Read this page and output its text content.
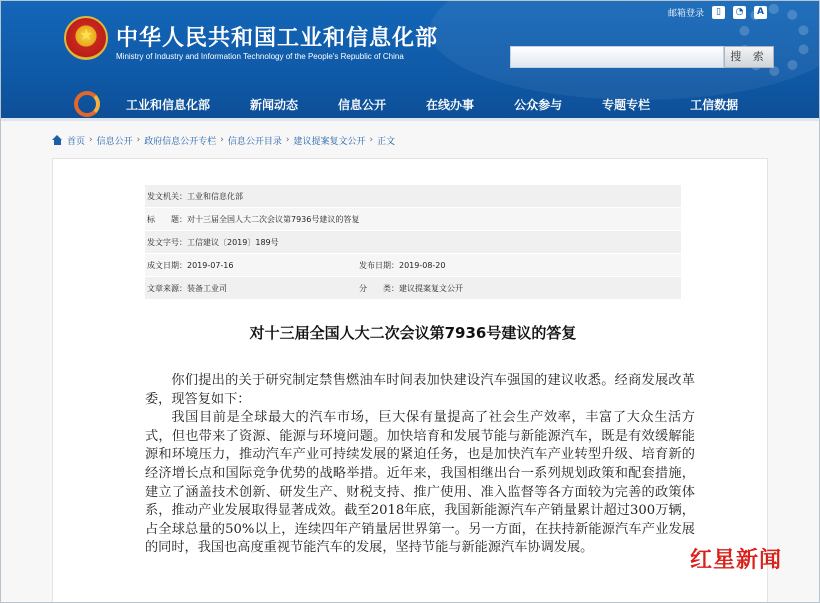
★ 中华人民共和国工业和信息化部
Ministry of Industry and Information Technology of the People's Republic of China
邮箱登录	▯	◔	A
搜 索
工业和信息化部	新闻动态	信息公开	在线办事	公众参与	专题专栏	工信数据
首页 › 信息公开 › 政府信息公开专栏 › 信息公开目录 › 建议提案复文公开 › 正文
发文机关：工业和信息化部
标　　题：对十三届全国人大二次会议第7936号建议的答复
发文字号：工信建议〔2019〕189号
成文日期：2019-07-16	发布日期：2019-08-20
文章来源：装备工业司	分　　类：建议提案复文公开
对十三届全国人大二次会议第7936号建议的答复

你们提出的关于研究制定禁售燃油车时间表加快建设汽车强国的建议收悉。经商发展改革委，现答复如下：

我国目前是全球最大的汽车市场，巨大保有量提高了社会生产效率，丰富了大众生活方式，但也带来了资源、能源与环境问题。加快培育和发展节能与新能源汽车，既是有效缓解能源和环境压力，推动汽车产业可持续发展的紧迫任务，也是加快汽车产业转型升级、培育新的经济增长点和国际竞争优势的战略举措。近年来，我国相继出台一系列规划政策和配套措施，建立了涵盖技术创新、研发生产、财税支持、推广使用、准入监督等各方面较为完善的政策体系，推动产业发展取得显著成效。截至2018年底，我国新能源汽车产销量累计超过300万辆，占全球总量的50%以上，连续四年产销量居世界第一。另一方面，在扶持新能源汽车产业发展的同时，我国也高度重视节能汽车的发展，坚持节能与新能源汽车协调发展。	红星新闻
